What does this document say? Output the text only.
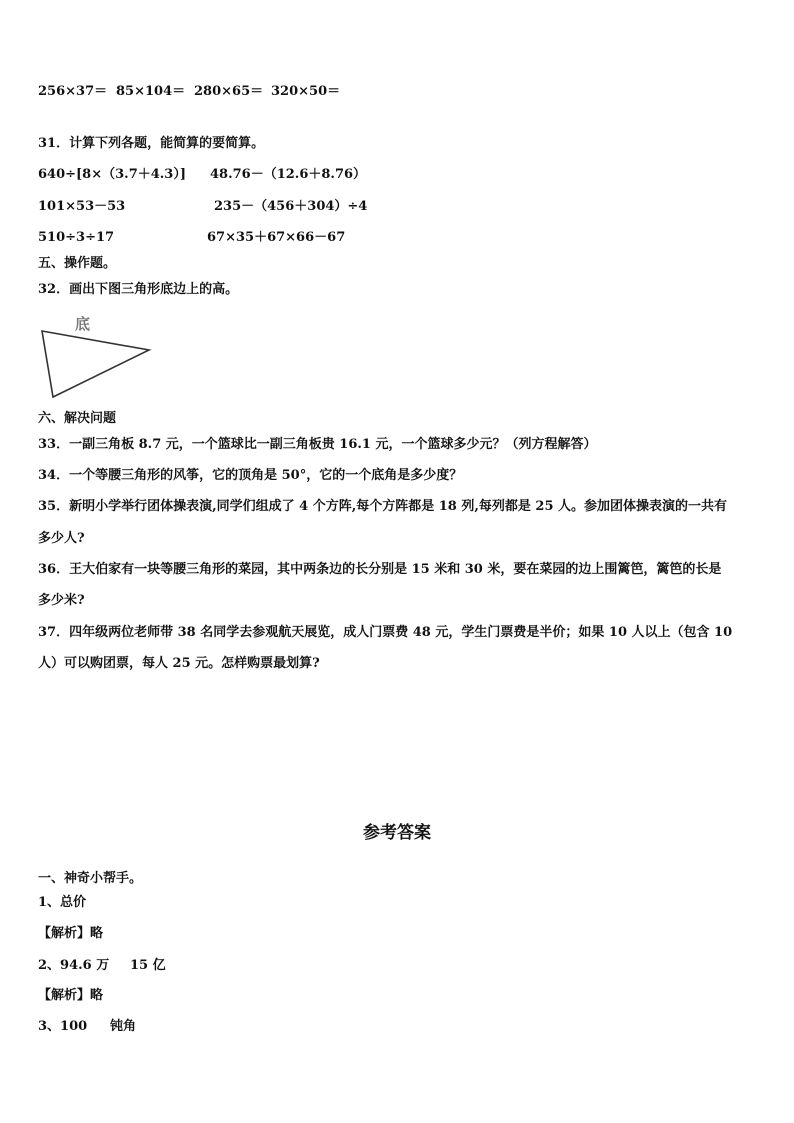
256×37＝ 85×104＝ 280×65＝ 320×50＝
31．计算下列各题，能简算的要简算。
640÷[8×（3.7＋4.3）] 48.76－（12.6＋8.76）
101×53－53	235－（456＋304）÷4
510÷3÷17	67×35＋67×66－67
五、操作题。
32．画出下图三角形底边上的高。
底
六、解决问题
33．一副三角板 8.7 元，一个篮球比一副三角板贵 16.1 元，一个篮球多少元？（列方程解答）
34．一个等腰三角形的风筝，它的顶角是 50°，它的一个底角是多少度？
35．新明小学举行团体操表演,同学们组成了 4 个方阵,每个方阵都是 18 列,每列都是 25 人。参加团体操表演的一共有
多少人?
36．王大伯家有一块等腰三角形的菜园，其中两条边的长分别是 15 米和 30 米，要在菜园的边上围篱笆，篱笆的长是
多少米?
37．四年级两位老师带 38 名同学去参观航天展览，成人门票费 48 元，学生门票费是半价；如果 10 人以上（包含 10
人）可以购团票，每人 25 元。怎样购票最划算?
参考答案
一、神奇小帮手。
1、总价
【解析】略
2、94.6 万 15 亿
【解析】略
3、100 钝角
